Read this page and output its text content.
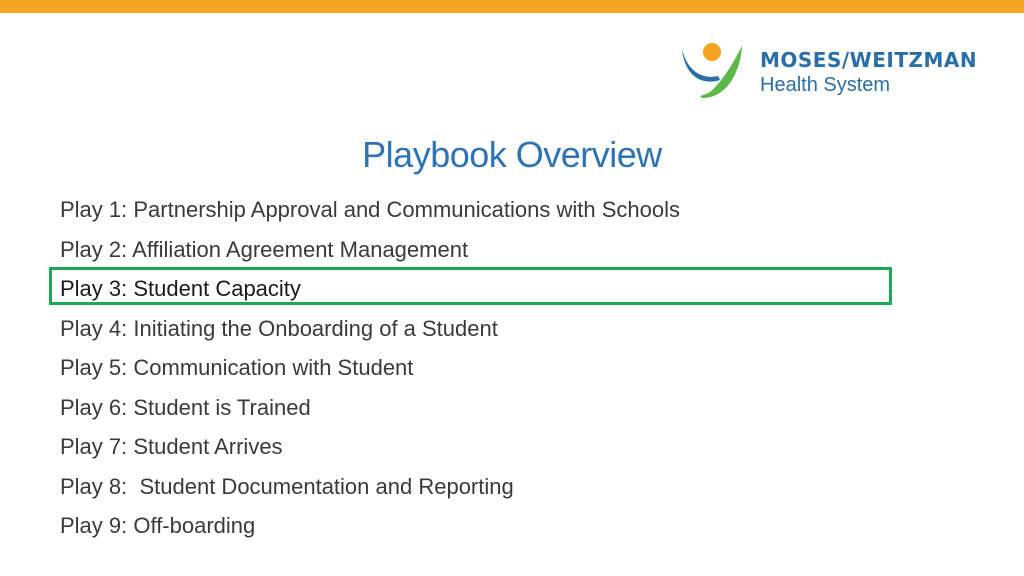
MOSES/WEITZMAN
Health System
Playbook Overview
Play 1: Partnership Approval and Communications with Schools
Play 2: Affiliation Agreement Management
Play 3: Student Capacity
Play 4: Initiating the Onboarding of a Student
Play 5: Communication with Student
Play 6: Student is Trained
Play 7: Student Arrives
Play 8:  Student Documentation and Reporting
Play 9: Off-boarding
